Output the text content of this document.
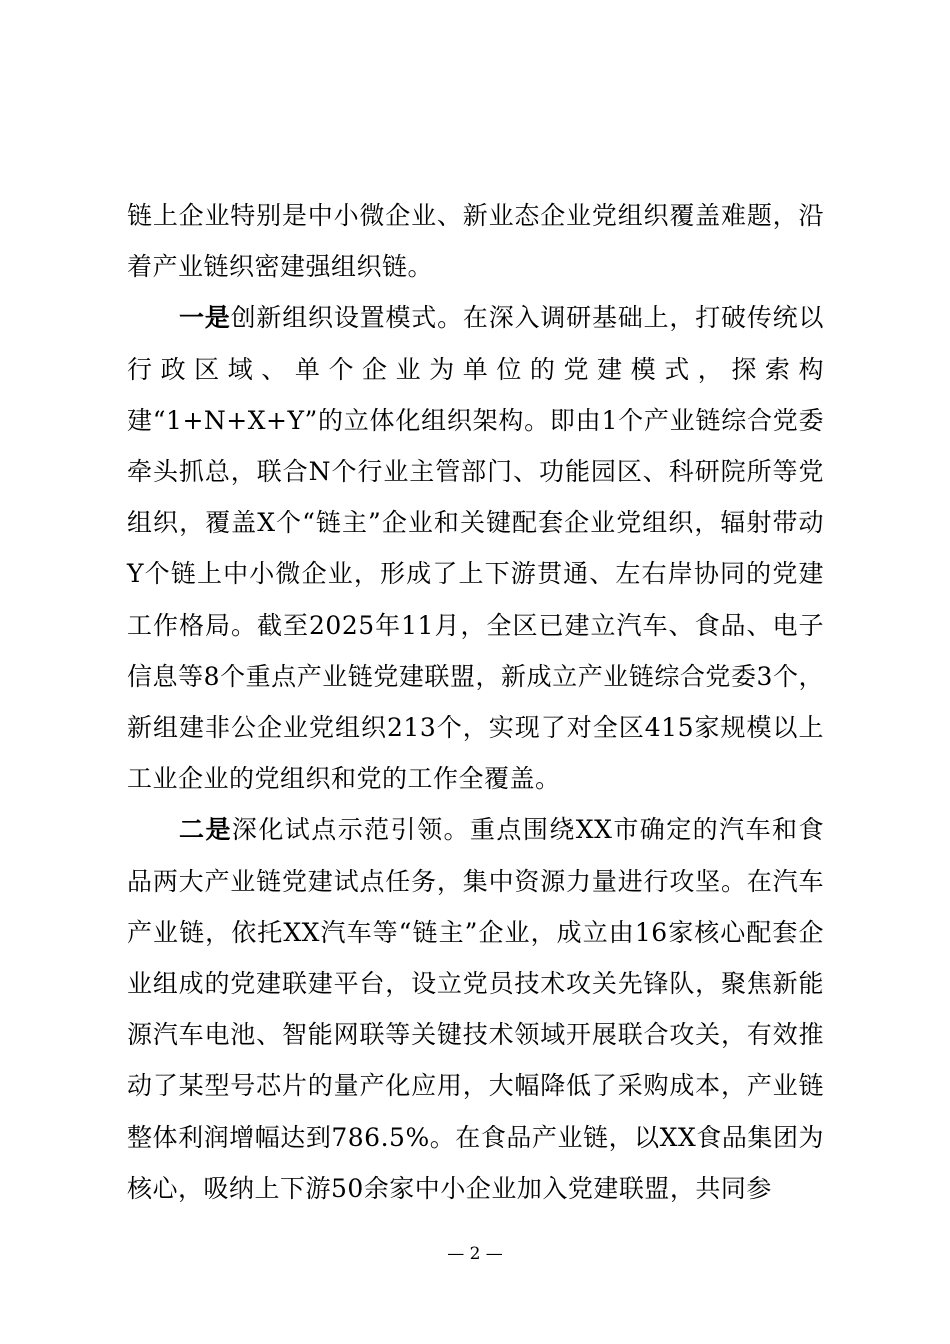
链上企业特别是中小微企业、新业态企业党组织覆盖难题，沿着产业链织密建强组织链。

一是创新组织设置模式。在深入调研基础上，打破传统以行政区域、单个企业为单位的党建模式，探索构建“1+N+X+Y”的立体化组织架构。即由1个产业链综合党委牵头抓总，联合N个行业主管部门、功能园区、科研院所等党组织，覆盖X个“链主”企业和关键配套企业党组织，辐射带动Y个链上中小微企业，形成了上下游贯通、左右岸协同的党建工作格局。截至2025年11月，全区已建立汽车、食品、电子信息等8个重点产业链党建联盟，新成立产业链综合党委3个，新组建非公企业党组织213个，实现了对全区415家规模以上工业企业的党组织和党的工作全覆盖。

二是深化试点示范引领。重点围绕XX市确定的汽车和食品两大产业链党建试点任务，集中资源力量进行攻坚。在汽车产业链，依托XX汽车等“链主”企业，成立由16家核心配套企业组成的党建联建平台，设立党员技术攻关先锋队，聚焦新能源汽车电池、智能网联等关键技术领域开展联合攻关，有效推动了某型号芯片的量产化应用，大幅降低了采购成本，产业链整体利润增幅达到786.5%。在食品产业链，以XX食品集团为核心，吸纳上下游50余家中小企业加入党建联盟，共同参

— 2 —
